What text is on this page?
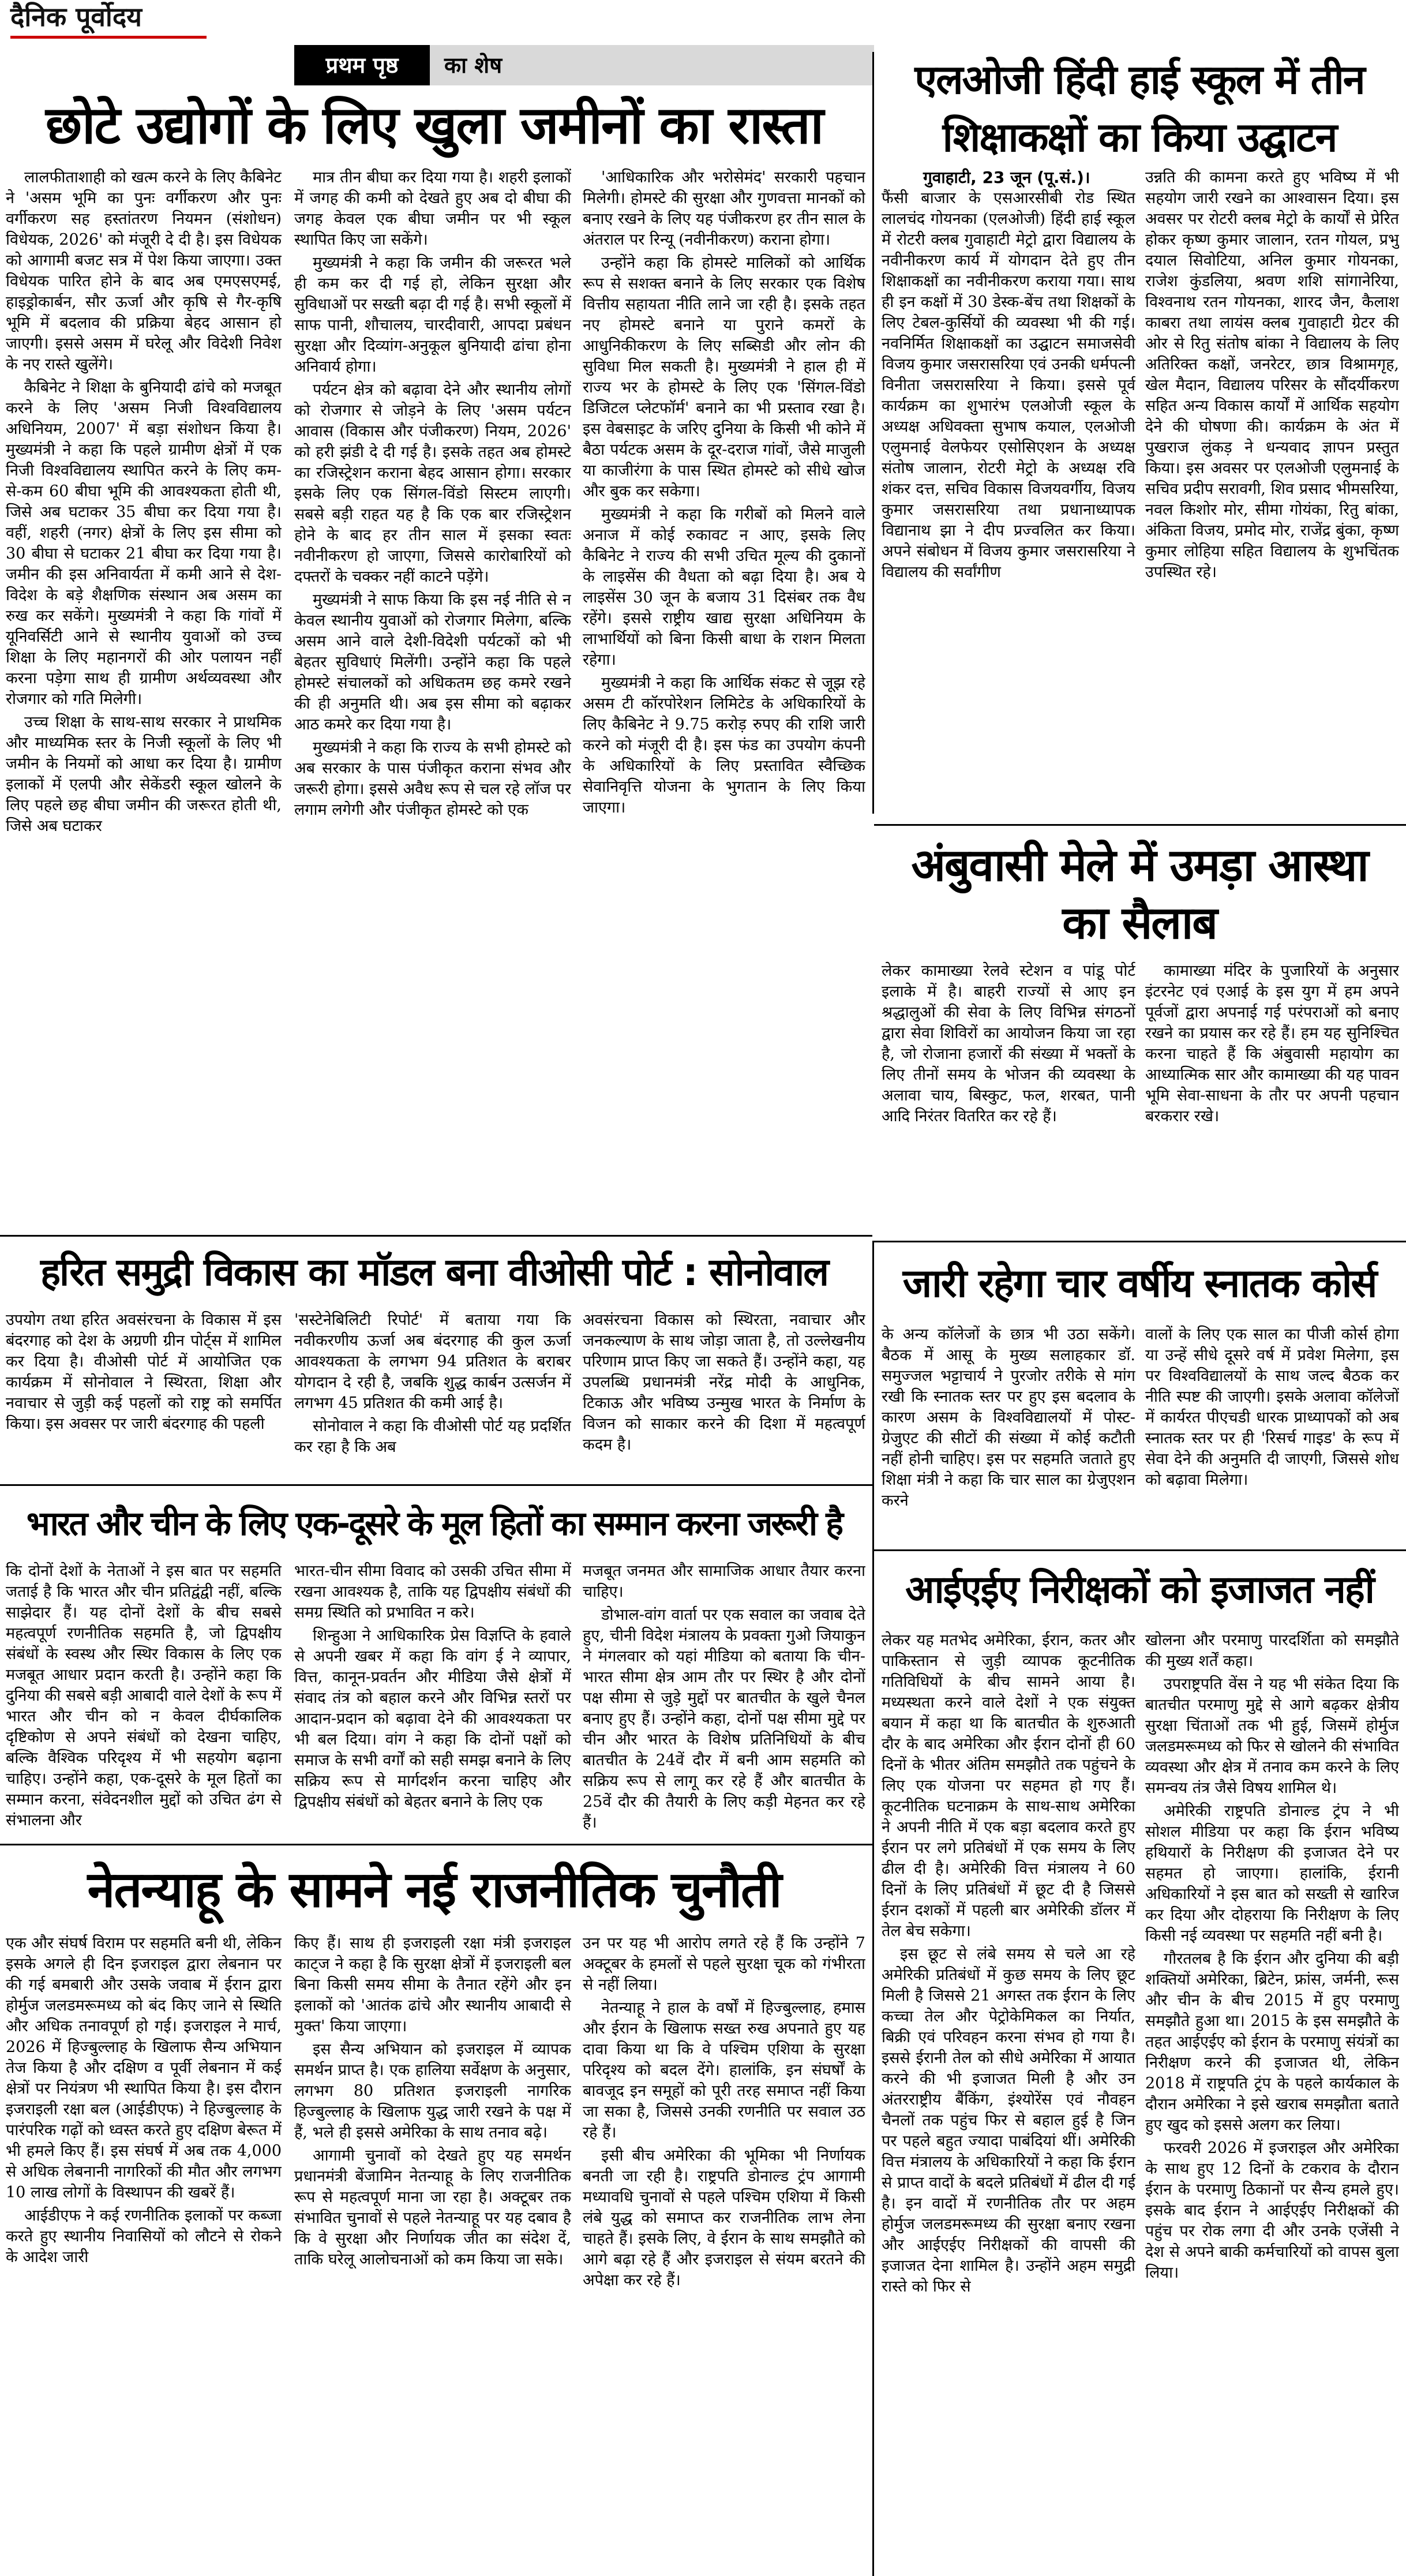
दैनिक पूर्वोदय
प्रथम पृष्ठ	का शेष
छोटे उद्योगों के लिए खुला जमीनों का रास्ता

लालफीताशाही को खत्म करने के लिए कैबिनेट ने 'असम भूमि का पुनः वर्गीकरण और पुनः वर्गीकरण सह हस्तांतरण नियमन (संशोधन) विधेयक, 2026' को मंजूरी दे दी है। इस विधेयक को आगामी बजट सत्र में पेश किया जाएगा। उक्त विधेयक पारित होने के बाद अब एमएसएमई, हाइड्रोकार्बन, सौर ऊर्जा और कृषि से गैर-कृषि भूमि में बदलाव की प्रक्रिया बेहद आसान हो जाएगी। इससे असम में घरेलू और विदेशी निवेश के नए रास्ते खुलेंगे।

कैबिनेट ने शिक्षा के बुनियादी ढांचे को मजबूत करने के लिए 'असम निजी विश्वविद्यालय अधिनियम, 2007' में बड़ा संशोधन किया है। मुख्यमंत्री ने कहा कि पहले ग्रामीण क्षेत्रों में एक निजी विश्वविद्यालय स्थापित करने के लिए कम- से-कम 60 बीघा भूमि की आवश्यकता होती थी, जिसे अब घटाकर 35 बीघा कर दिया गया है। वहीं, शहरी (नगर) क्षेत्रों के लिए इस सीमा को 30 बीघा से घटाकर 21 बीघा कर दिया गया है। जमीन की इस अनिवार्यता में कमी आने से देश-विदेश के बड़े शैक्षणिक संस्थान अब असम का रुख कर सकेंगे। मुख्यमंत्री ने कहा कि गांवों में यूनिवर्सिटी आने से स्थानीय युवाओं को उच्च शिक्षा के लिए महानगरों की ओर पलायन नहीं करना पड़ेगा साथ ही ग्रामीण अर्थव्यवस्था और रोजगार को गति मिलेगी।

उच्च शिक्षा के साथ-साथ सरकार ने प्राथमिक और माध्यमिक स्तर के निजी स्कूलों के लिए भी जमीन के नियमों को आधा कर दिया है। ग्रामीण इलाकों में एलपी और सेकेंडरी स्कूल खोलने के लिए पहले छह बीघा जमीन की जरूरत होती थी, जिसे अब घटाकर

मात्र तीन बीघा कर दिया गया है। शहरी इलाकों में जगह की कमी को देखते हुए अब दो बीघा की जगह केवल एक बीघा जमीन पर भी स्कूल स्थापित किए जा सकेंगे।

मुख्यमंत्री ने कहा कि जमीन की जरूरत भले ही कम कर दी गई हो, लेकिन सुरक्षा और सुविधाओं पर सख्ती बढ़ा दी गई है। सभी स्कूलों में साफ पानी, शौचालय, चारदीवारी, आपदा प्रबंधन सुरक्षा और दिव्यांग-अनुकूल बुनियादी ढांचा होना अनिवार्य होगा।

पर्यटन क्षेत्र को बढ़ावा देने और स्थानीय लोगों को रोजगार से जोड़ने के लिए 'असम पर्यटन आवास (विकास और पंजीकरण) नियम, 2026' को हरी झंडी दे दी गई है। इसके तहत अब होमस्टे का रजिस्ट्रेशन कराना बेहद आसान होगा। सरकार इसके लिए एक सिंगल-विंडो सिस्टम लाएगी। सबसे बड़ी राहत यह है कि एक बार रजिस्ट्रेशन होने के बाद हर तीन साल में इसका स्वतः नवीनीकरण हो जाएगा, जिससे कारोबारियों को दफ्तरों के चक्कर नहीं काटने पड़ेंगे।

मुख्यमंत्री ने साफ किया कि इस नई नीति से न केवल स्थानीय युवाओं को रोजगार मिलेगा, बल्कि असम आने वाले देशी-विदेशी पर्यटकों को भी बेहतर सुविधाएं मिलेंगी। उन्होंने कहा कि पहले होमस्टे संचालकों को अधिकतम छह कमरे रखने की ही अनुमति थी। अब इस सीमा को बढ़ाकर आठ कमरे कर दिया गया है।

मुख्यमंत्री ने कहा कि राज्य के सभी होमस्टे को अब सरकार के पास पंजीकृत कराना संभव और जरूरी होगा। इससे अवैध रूप से चल रहे लॉज पर लगाम लगेगी और पंजीकृत होमस्टे को एक

'आधिकारिक और भरोसेमंद' सरकारी पहचान मिलेगी। होमस्टे की सुरक्षा और गुणवत्ता मानकों को बनाए रखने के लिए यह पंजीकरण हर तीन साल के अंतराल पर रिन्यू (नवीनीकरण) कराना होगा।

उन्होंने कहा कि होमस्टे मालिकों को आर्थिक रूप से सशक्त बनाने के लिए सरकार एक विशेष वित्तीय सहायता नीति लाने जा रही है। इसके तहत नए होमस्टे बनाने या पुराने कमरों के आधुनिकीकरण के लिए सब्सिडी और लोन की सुविधा मिल सकती है। मुख्यमंत्री ने हाल ही में राज्य भर के होमस्टे के लिए एक 'सिंगल-विंडो डिजिटल प्लेटफॉर्म' बनाने का भी प्रस्ताव रखा है। इस वेबसाइट के जरिए दुनिया के किसी भी कोने में बैठा पर्यटक असम के दूर-दराज गांवों, जैसे माजुली या काजीरंगा के पास स्थित होमस्टे को सीधे खोज और बुक कर सकेगा।

मुख्यमंत्री ने कहा कि गरीबों को मिलने वाले अनाज में कोई रुकावट न आए, इसके लिए कैबिनेट ने राज्य की सभी उचित मूल्य की दुकानों के लाइसेंस की वैधता को बढ़ा दिया है। अब ये लाइसेंस 30 जून के बजाय 31 दिसंबर तक वैध रहेंगे। इससे राष्ट्रीय खाद्य सुरक्षा अधिनियम के लाभार्थियों को बिना किसी बाधा के राशन मिलता रहेगा।

मुख्यमंत्री ने कहा कि आर्थिक संकट से जूझ रहे असम टी कॉरपोरेशन लिमिटेड के अधिकारियों के लिए कैबिनेट ने 9.75 करोड़ रुपए की राशि जारी करने को मंजूरी दी है। इस फंड का उपयोग कंपनी के अधिकारियों के लिए प्रस्तावित स्वैच्छिक सेवानिवृत्ति योजना के भुगतान के लिए किया जाएगा।

एलओजी हिंदी हाई स्कूल में तीन शिक्षाकक्षों का किया उद्घाटन
गुवाहाटी, 23 जून (पू.सं.)।

फैंसी बाजार के एसआरसीबी रोड स्थित लालचंद गोयनका (एलओजी) हिंदी हाई स्कूल में रोटरी क्लब गुवाहाटी मेट्रो द्वारा विद्यालय के नवीनीकरण कार्य में योगदान देते हुए तीन शिक्षाकक्षों का नवीनीकरण कराया गया। साथ ही इन कक्षों में 30 डेस्क-बेंच तथा शिक्षकों के लिए टेबल-कुर्सियों की व्यवस्था भी की गई। नवनिर्मित शिक्षाकक्षों का उद्घाटन समाजसेवी विजय कुमार जसरासरिया एवं उनकी धर्मपत्नी विनीता जसरासरिया ने किया। इससे पूर्व कार्यक्रम का शुभारंभ एलओजी स्कूल के अध्यक्ष अधिवक्ता सुभाष कयाल, एलओजी एलुमनाई वेलफेयर एसोसिएशन के अध्यक्ष संतोष जालान, रोटरी मेट्रो के अध्यक्ष रवि शंकर दत्त, सचिव विकास विजयवर्गीय, विजय कुमार जसरासरिया तथा प्रधानाध्यापक विद्यानाथ झा ने दीप प्रज्वलित कर किया। अपने संबोधन में विजय कुमार जसरासरिया ने विद्यालय की सर्वांगीण

उन्नति की कामना करते हुए भविष्य में भी सहयोग जारी रखने का आश्वासन दिया। इस अवसर पर रोटरी क्लब मेट्रो के कार्यों से प्रेरित होकर कृष्ण कुमार जालान, रतन गोयल, प्रभु दयाल सिवोटिया, अनिल कुमार गोयनका, राजेश कुंडलिया, श्रवण शशि सांगानेरिया, विश्वनाथ रतन गोयनका, शारद जैन, कैलाश काबरा तथा लायंस क्लब गुवाहाटी ग्रेटर की ओर से रितु संतोष बांका ने विद्यालय के लिए अतिरिक्त कक्षों, जनरेटर, छात्र विश्रामगृह, खेल मैदान, विद्यालय परिसर के सौंदर्यीकरण सहित अन्य विकास कार्यों में आर्थिक सहयोग देने की घोषणा की। कार्यक्रम के अंत में पुखराज लुंकड़ ने धन्यवाद ज्ञापन प्रस्तुत किया। इस अवसर पर एलओजी एलुमनाई के सचिव प्रदीप सरावगी, शिव प्रसाद भीमसरिया, नवल किशोर मोर, सीमा गोयंका, रितु बांका, अंकिता विजय, प्रमोद मोर, राजेंद्र बुंका, कृष्ण कुमार लोहिया सहित विद्यालय के शुभचिंतक उपस्थित रहे।

अंबुवासी मेले में उमड़ा आस्था का सैलाब

लेकर कामाख्या रेलवे स्टेशन व पांडू पोर्ट इलाके में है। बाहरी राज्यों से आए इन श्रद्धालुओं की सेवा के लिए विभिन्न संगठनों द्वारा सेवा शिविरों का आयोजन किया जा रहा है, जो रोजाना हजारों की संख्या में भक्तों के लिए तीनों समय के भोजन की व्यवस्था के अलावा चाय, बिस्कुट, फल, शरबत, पानी आदि निरंतर वितरित कर रहे हैं।

कामाख्या मंदिर के पुजारियों के अनुसार इंटरनेट एवं एआई के इस युग में हम अपने पूर्वजों द्वारा अपनाई गई परंपराओं को बनाए रखने का प्रयास कर रहे हैं। हम यह सुनिश्चित करना चाहते हैं कि अंबुवासी महायोग का आध्यात्मिक सार और कामाख्या की यह पावन भूमि सेवा-साधना के तौर पर अपनी पहचान बरकरार रखे।

हरित समुद्री विकास का मॉडल बना वीओसी पोर्ट : सोनोवाल

उपयोग तथा हरित अवसंरचना के विकास में इस बंदरगाह को देश के अग्रणी ग्रीन पोर्ट्स में शामिल कर दिया है। वीओसी पोर्ट में आयोजित एक कार्यक्रम में सोनोवाल ने स्थिरता, शिक्षा और नवाचार से जुड़ी कई पहलों को राष्ट्र को समर्पित किया। इस अवसर पर जारी बंदरगाह की पहली

'सस्टेनेबिलिटी रिपोर्ट' में बताया गया कि नवीकरणीय ऊर्जा अब बंदरगाह की कुल ऊर्जा आवश्यकता के लगभग 94 प्रतिशत के बराबर योगदान दे रही है, जबकि शुद्ध कार्बन उत्सर्जन में लगभग 45 प्रतिशत की कमी आई है।

सोनोवाल ने कहा कि वीओसी पोर्ट यह प्रदर्शित कर रहा है कि अब

अवसंरचना विकास को स्थिरता, नवाचार और जनकल्याण के साथ जोड़ा जाता है, तो उल्लेखनीय परिणाम प्राप्त किए जा सकते हैं। उन्होंने कहा, यह उपलब्धि प्रधानमंत्री नरेंद्र मोदी के आधुनिक, टिकाऊ और भविष्य उन्मुख भारत के निर्माण के विजन को साकार करने की दिशा में महत्वपूर्ण कदम है।

जारी रहेगा चार वर्षीय स्नातक कोर्स

के अन्य कॉलेजों के छात्र भी उठा सकेंगे। बैठक में आसू के मुख्य सलाहकार डॉ. समुज्जल भट्टाचार्य ने पुरजोर तरीके से मांग रखी कि स्नातक स्तर पर हुए इस बदलाव के कारण असम के विश्वविद्यालयों में पोस्ट-ग्रेजुएट की सीटों की संख्या में कोई कटौती नहीं होनी चाहिए। इस पर सहमति जताते हुए शिक्षा मंत्री ने कहा कि चार साल का ग्रेजुएशन करने

वालों के लिए एक साल का पीजी कोर्स होगा या उन्हें सीधे दूसरे वर्ष में प्रवेश मिलेगा, इस पर विश्वविद्यालयों के साथ जल्द बैठक कर नीति स्पष्ट की जाएगी। इसके अलावा कॉलेजों में कार्यरत पीएचडी धारक प्राध्यापकों को अब स्नातक स्तर पर ही 'रिसर्च गाइड' के रूप में सेवा देने की अनुमति दी जाएगी, जिससे शोध को बढ़ावा मिलेगा।

भारत और चीन के लिए एक-दूसरे के मूल हितों का सम्मान करना जरूरी है

कि दोनों देशों के नेताओं ने इस बात पर सहमति जताई है कि भारत और चीन प्रतिद्वंद्वी नहीं, बल्कि साझेदार हैं। यह दोनों देशों के बीच सबसे महत्वपूर्ण रणनीतिक सहमति है, जो द्विपक्षीय संबंधों के स्वस्थ और स्थिर विकास के लिए एक मजबूत आधार प्रदान करती है। उन्होंने कहा कि दुनिया की सबसे बड़ी आबादी वाले देशों के रूप में भारत और चीन को न केवल दीर्घकालिक दृष्टिकोण से अपने संबंधों को देखना चाहिए, बल्कि वैश्विक परिदृश्य में भी सहयोग बढ़ाना चाहिए। उन्होंने कहा, एक-दूसरे के मूल हितों का सम्मान करना, संवेदनशील मुद्दों को उचित ढंग से संभालना और

भारत-चीन सीमा विवाद को उसकी उचित सीमा में रखना आवश्यक है, ताकि यह द्विपक्षीय संबंधों की समग्र स्थिति को प्रभावित न करे।

शिन्हुआ ने आधिकारिक प्रेस विज्ञप्ति के हवाले से अपनी खबर में कहा कि वांग ई ने व्यापार, वित्त, कानून-प्रवर्तन और मीडिया जैसे क्षेत्रों में संवाद तंत्र को बहाल करने और विभिन्न स्तरों पर आदान-प्रदान को बढ़ावा देने की आवश्यकता पर भी बल दिया। वांग ने कहा कि दोनों पक्षों को समाज के सभी वर्गों को सही समझ बनाने के लिए सक्रिय रूप से मार्गदर्शन करना चाहिए और द्विपक्षीय संबंधों को बेहतर बनाने के लिए एक

मजबूत जनमत और सामाजिक आधार तैयार करना चाहिए।

डोभाल-वांग वार्ता पर एक सवाल का जवाब देते हुए, चीनी विदेश मंत्रालय के प्रवक्ता गुओ जियाकुन ने मंगलवार को यहां मीडिया को बताया कि चीन-भारत सीमा क्षेत्र आम तौर पर स्थिर है और दोनों पक्ष सीमा से जुड़े मुद्दों पर बातचीत के खुले चैनल बनाए हुए हैं। उन्होंने कहा, दोनों पक्ष सीमा मुद्दे पर चीन और भारत के विशेष प्रतिनिधियों के बीच बातचीत के 24वें दौर में बनी आम सहमति को सक्रिय रूप से लागू कर रहे हैं और बातचीत के 25वें दौर की तैयारी के लिए कड़ी मेहनत कर रहे हैं।

आईएईए निरीक्षकों को इजाजत नहीं

लेकर यह मतभेद अमेरिका, ईरान, कतर और पाकिस्तान से जुड़ी व्यापक कूटनीतिक गतिविधियों के बीच सामने आया है। मध्यस्थता करने वाले देशों ने एक संयुक्त बयान में कहा था कि बातचीत के शुरुआती दौर के बाद अमेरिका और ईरान दोनों ही 60 दिनों के भीतर अंतिम समझौते तक पहुंचने के लिए एक योजना पर सहमत हो गए हैं। कूटनीतिक घटनाक्रम के साथ-साथ अमेरिका ने अपनी नीति में एक बड़ा बदलाव करते हुए ईरान पर लगे प्रतिबंधों में एक समय के लिए ढील दी है। अमेरिकी वित्त मंत्रालय ने 60 दिनों के लिए प्रतिबंधों में छूट दी है जिससे ईरान दशकों में पहली बार अमेरिकी डॉलर में तेल बेच सकेगा।

इस छूट से लंबे समय से चले आ रहे अमेरिकी प्रतिबंधों में कुछ समय के लिए छूट मिली है जिससे 21 अगस्त तक ईरान के लिए कच्चा तेल और पेट्रोकेमिकल का निर्यात, बिक्री एवं परिवहन करना संभव हो गया है। इससे ईरानी तेल को सीधे अमेरिका में आयात करने की भी इजाजत मिली है और उन अंतरराष्ट्रीय बैंकिंग, इंश्योरेंस एवं नौवहन चैनलों तक पहुंच फिर से बहाल हुई है जिन पर पहले बहुत ज्यादा पाबंदियां थीं। अमेरिकी वित्त मंत्रालय के अधिकारियों ने कहा कि ईरान से प्राप्त वादों के बदले प्रतिबंधों में ढील दी गई है। इन वादों में रणनीतिक तौर पर अहम होर्मुज जलडमरूमध्य की सुरक्षा बनाए रखना और आईएईए निरीक्षकों की वापसी की इजाजत देना शामिल है। उन्होंने अहम समुद्री रास्ते को फिर से

खोलना और परमाणु पारदर्शिता को समझौते की मुख्य शर्तें कहा।

उपराष्ट्रपति वेंस ने यह भी संकेत दिया कि बातचीत परमाणु मुद्दे से आगे बढ़कर क्षेत्रीय सुरक्षा चिंताओं तक भी हुई, जिसमें होर्मुज जलडमरूमध्य को फिर से खोलने की संभावित व्यवस्था और क्षेत्र में तनाव कम करने के लिए समन्वय तंत्र जैसे विषय शामिल थे।

अमेरिकी राष्ट्रपति डोनाल्ड ट्रंप ने भी सोशल मीडिया पर कहा कि ईरान भविष्य हथियारों के निरीक्षण की इजाजत देने पर सहमत हो जाएगा। हालांकि, ईरानी अधिकारियों ने इस बात को सख्ती से खारिज कर दिया और दोहराया कि निरीक्षण के लिए किसी नई व्यवस्था पर सहमति नहीं बनी है।

गौरतलब है कि ईरान और दुनिया की बड़ी शक्तियों अमेरिका, ब्रिटेन, फ्रांस, जर्मनी, रूस और चीन के बीच 2015 में हुए परमाणु समझौते हुआ था। 2015 के इस समझौते के तहत आईएईए को ईरान के परमाणु संयंत्रों का निरीक्षण करने की इजाजत थी, लेकिन 2018 में राष्ट्रपति ट्रंप के पहले कार्यकाल के दौरान अमेरिका ने इसे खराब समझौता बताते हुए खुद को इससे अलग कर लिया।

फरवरी 2026 में इजराइल और अमेरिका के साथ हुए 12 दिनों के टकराव के दौरान ईरान के परमाणु ठिकानों पर सैन्य हमले हुए। इसके बाद ईरान ने आईएईए निरीक्षकों की पहुंच पर रोक लगा दी और उनके एजेंसी ने देश से अपने बाकी कर्मचारियों को वापस बुला लिया।

नेतन्याहू के सामने नई राजनीतिक चुनौती

एक और संघर्ष विराम पर सहमति बनी थी, लेकिन इसके अगले ही दिन इजराइल द्वारा लेबनान पर की गई बमबारी और उसके जवाब में ईरान द्वारा होर्मुज जलडमरूमध्य को बंद किए जाने से स्थिति और अधिक तनावपूर्ण हो गई। इजराइल ने मार्च, 2026 में हिज्बुल्लाह के खिलाफ सैन्य अभियान तेज किया है और दक्षिण व पूर्वी लेबनान में कई क्षेत्रों पर नियंत्रण भी स्थापित किया है। इस दौरान इजराइली रक्षा बल (आईडीएफ) ने हिज्बुल्लाह के पारंपरिक गढ़ों को ध्वस्त करते हुए दक्षिण बेरूत में भी हमले किए हैं। इस संघर्ष में अब तक 4,000 से अधिक लेबनानी नागरिकों की मौत और लगभग 10 लाख लोगों के विस्थापन की खबरें हैं।

आईडीएफ ने कई रणनीतिक इलाकों पर कब्जा करते हुए स्थानीय निवासियों को लौटने से रोकने के आदेश जारी

किए हैं। साथ ही इजराइली रक्षा मंत्री इजराइल काट्ज ने कहा है कि सुरक्षा क्षेत्रों में इजराइली बल बिना किसी समय सीमा के तैनात रहेंगे और इन इलाकों को 'आतंक ढांचे और स्थानीय आबादी से मुक्त' किया जाएगा।

इस सैन्य अभियान को इजराइल में व्यापक समर्थन प्राप्त है। एक हालिया सर्वेक्षण के अनुसार, लगभग 80 प्रतिशत इजराइली नागरिक हिज्बुल्लाह के खिलाफ युद्ध जारी रखने के पक्ष में हैं, भले ही इससे अमेरिका के साथ तनाव बढ़े।

आगामी चुनावों को देखते हुए यह समर्थन प्रधानमंत्री बेंजामिन नेतन्याहू के लिए राजनीतिक रूप से महत्वपूर्ण माना जा रहा है। अक्टूबर तक संभावित चुनावों से पहले नेतन्याहू पर यह दबाव है कि वे सुरक्षा और निर्णायक जीत का संदेश दें, ताकि घरेलू आलोचनाओं को कम किया जा सके।

उन पर यह भी आरोप लगते रहे हैं कि उन्होंने 7 अक्टूबर के हमलों से पहले सुरक्षा चूक को गंभीरता से नहीं लिया।

नेतन्याहू ने हाल के वर्षों में हिज्बुल्लाह, हमास और ईरान के खिलाफ सख्त रुख अपनाते हुए यह दावा किया था कि वे पश्चिम एशिया के सुरक्षा परिदृश्य को बदल देंगे। हालांकि, इन संघर्षों के बावजूद इन समूहों को पूरी तरह समाप्त नहीं किया जा सका है, जिससे उनकी रणनीति पर सवाल उठ रहे हैं।

इसी बीच अमेरिका की भूमिका भी निर्णायक बनती जा रही है। राष्ट्रपति डोनाल्ड ट्रंप आगामी मध्यावधि चुनावों से पहले पश्चिम एशिया में किसी लंबे युद्ध को समाप्त कर राजनीतिक लाभ लेना चाहते हैं। इसके लिए, वे ईरान के साथ समझौते को आगे बढ़ा रहे हैं और इजराइल से संयम बरतने की अपेक्षा कर रहे हैं।
